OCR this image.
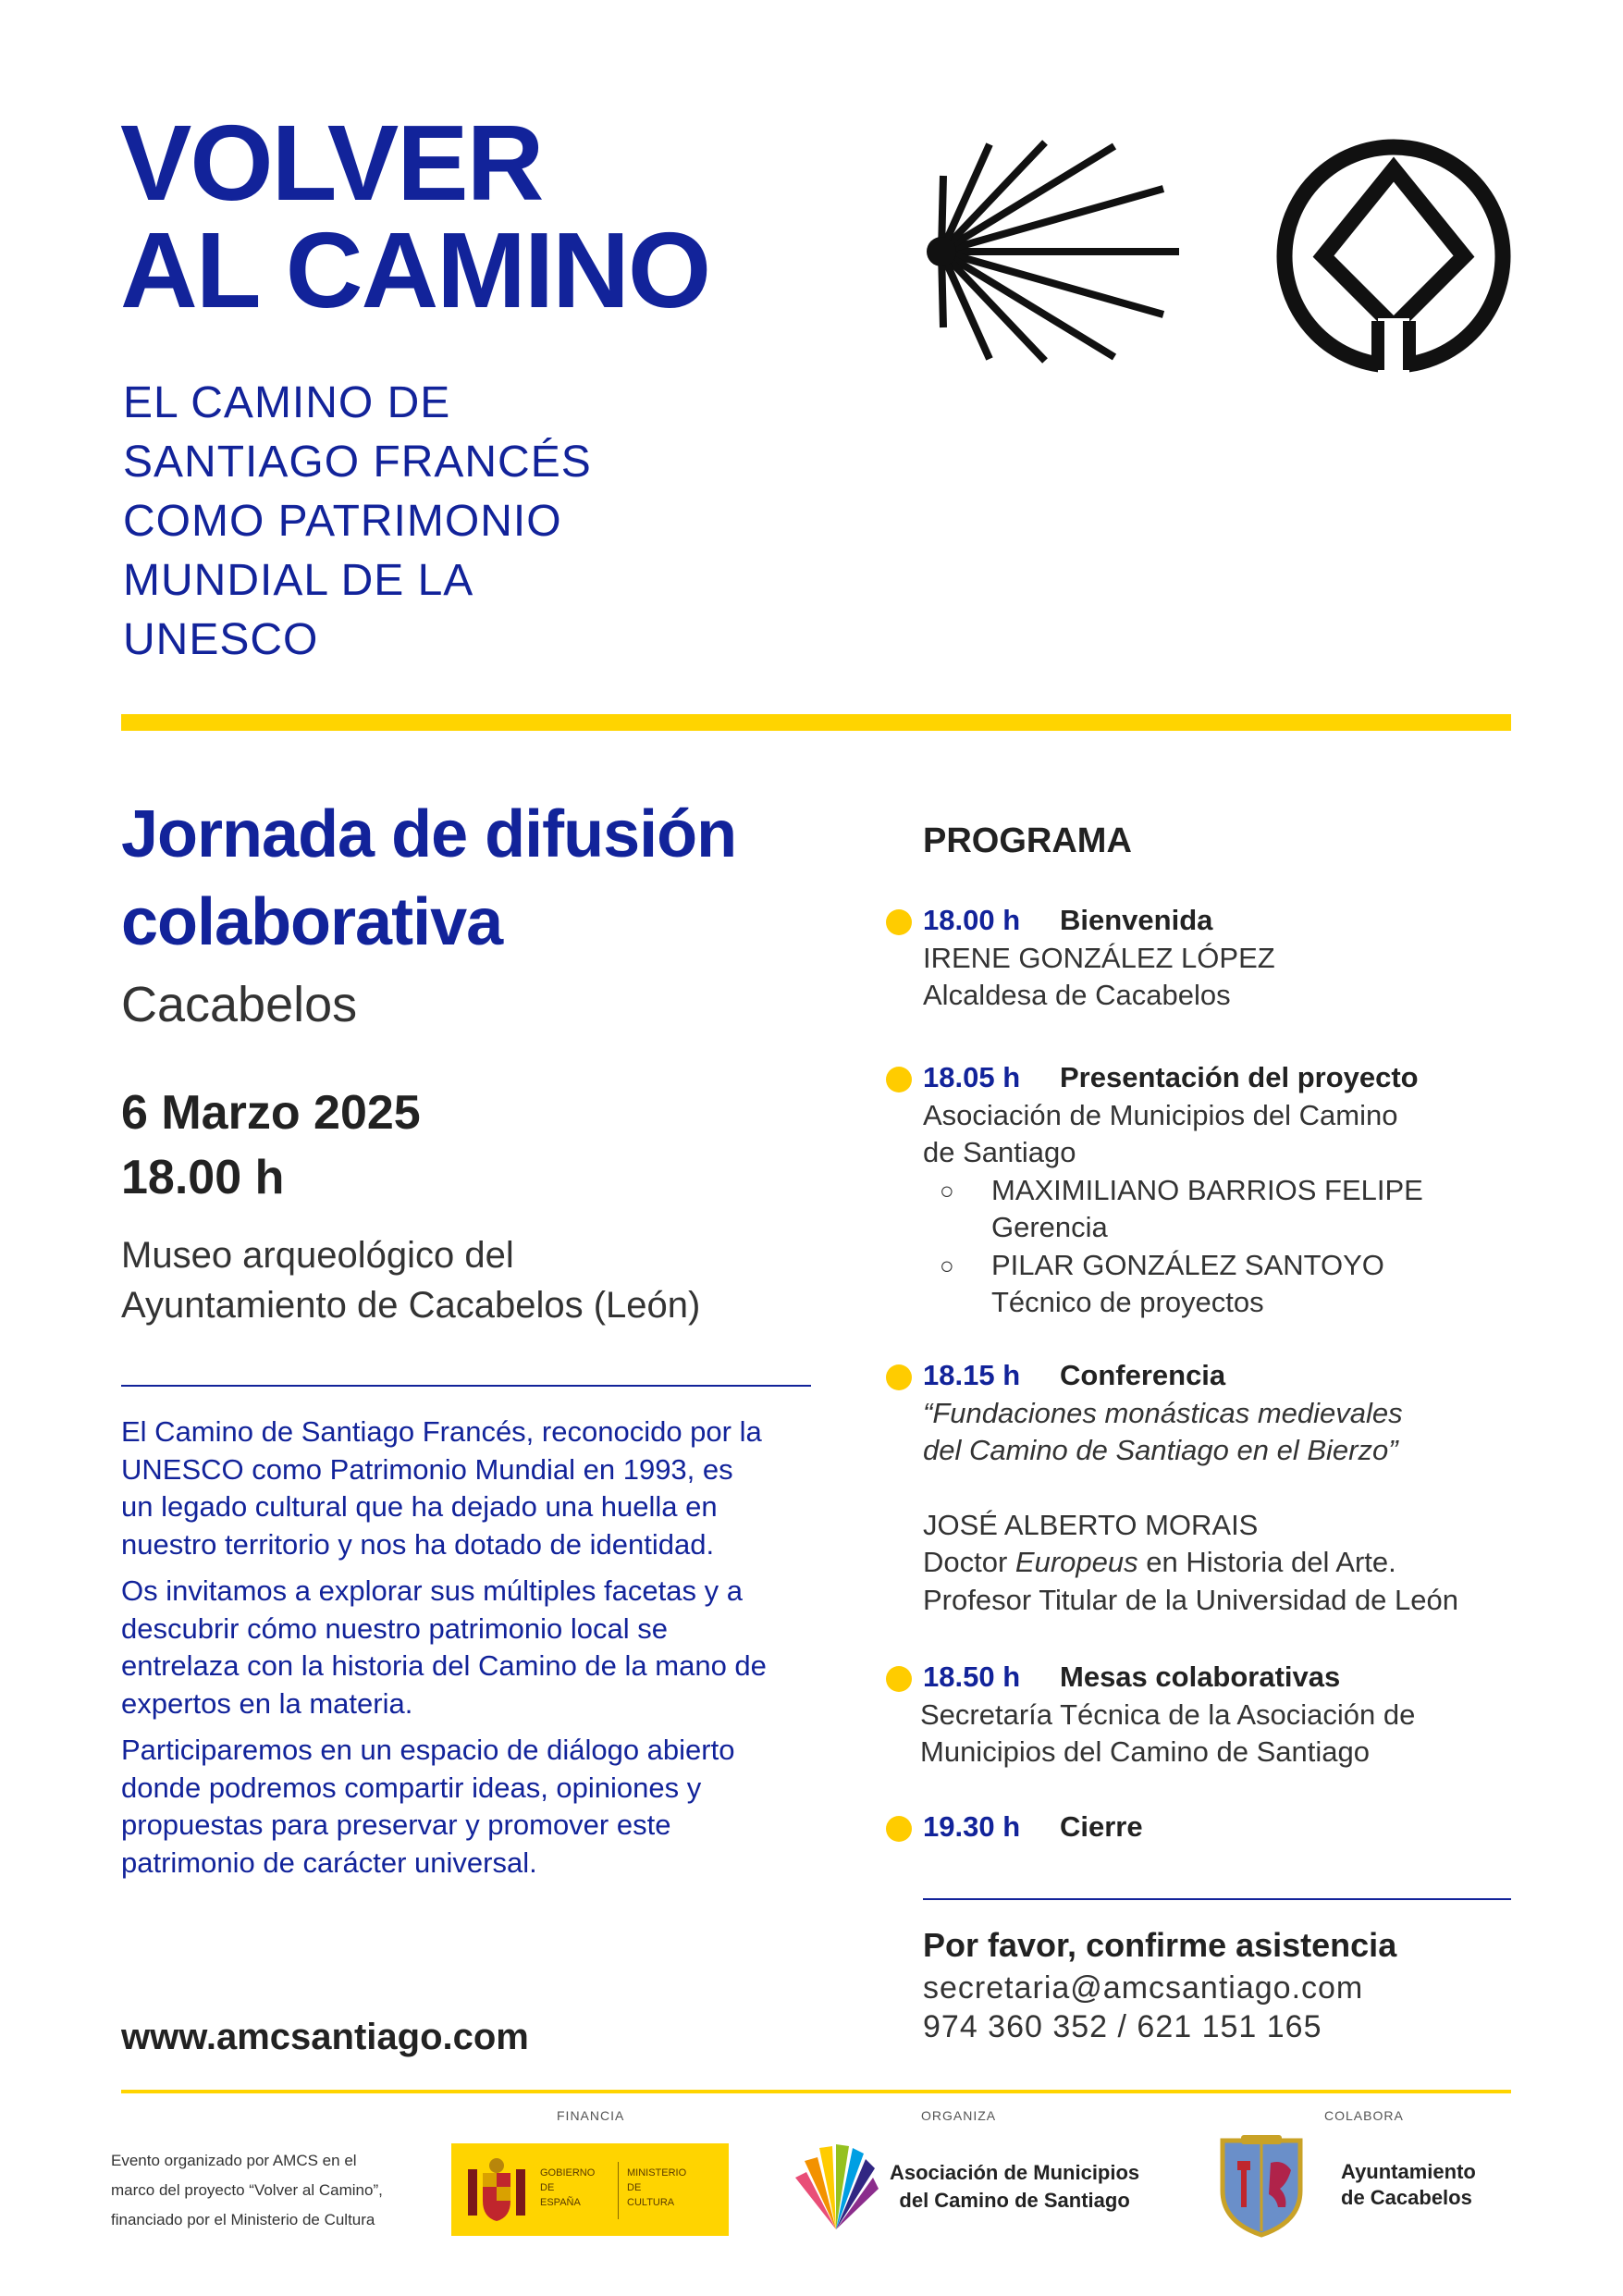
VOLVER
AL CAMINO
EL CAMINO DE
SANTIAGO FRANCÉS
COMO PATRIMONIO
MUNDIAL DE LA
UNESCO
Jornada de difusión
colaborativa
Cacabelos
6 Marzo 2025
18.00 h
Museo arqueológico del
Ayuntamiento de Cacabelos (León)

El Camino de Santiago Francés, reconocido por la UNESCO como Patrimonio Mundial en 1993, es un legado cultural que ha dejado una huella en nuestro territorio y nos ha dotado de identidad.

Os invitamos a explorar sus múltiples facetas y a descubrir cómo nuestro patrimonio local se entrelaza con la historia del Camino de la mano de expertos en la materia.

Participaremos en un espacio de diálogo abierto donde podremos compartir ideas, opiniones y propuestas para preservar y promover este patrimonio de carácter universal.

www.amcsantiago.com
PROGRAMA
18.00 h Bienvenida
IRENE GONZÁLEZ LÓPEZ
Alcaldesa de Cacabelos
18.05 h Presentación del proyecto
Asociación de Municipios del Camino
de Santiago
○ MAXIMILIANO BARRIOS FELIPE
Gerencia
○ PILAR GONZÁLEZ SANTOYO
Técnico de proyectos
18.15 h Conferencia
“Fundaciones monásticas medievales
del Camino de Santiago en el Bierzo”
JOSÉ ALBERTO MORAIS
Doctor Europeus en Historia del Arte.
Profesor Titular de la Universidad de León
18.50 h Mesas colaborativas
Secretaría Técnica de la Asociación de
Municipios del Camino de Santiago
19.30 h Cierre
Por favor, confirme asistencia
secretaria@amcsantiago.com
974 360 352 / 621 151 165
Evento organizado por AMCS en el
marco del proyecto “Volver al Camino”,
financiado por el Ministerio de Cultura
FINANCIA	ORGANIZA	COLABORA
GOBIERNO
DE
ESPAÑA
MINISTERIO
DE
CULTURA
Asociación de Municipios
del Camino de Santiago
Ayuntamiento
de Cacabelos
